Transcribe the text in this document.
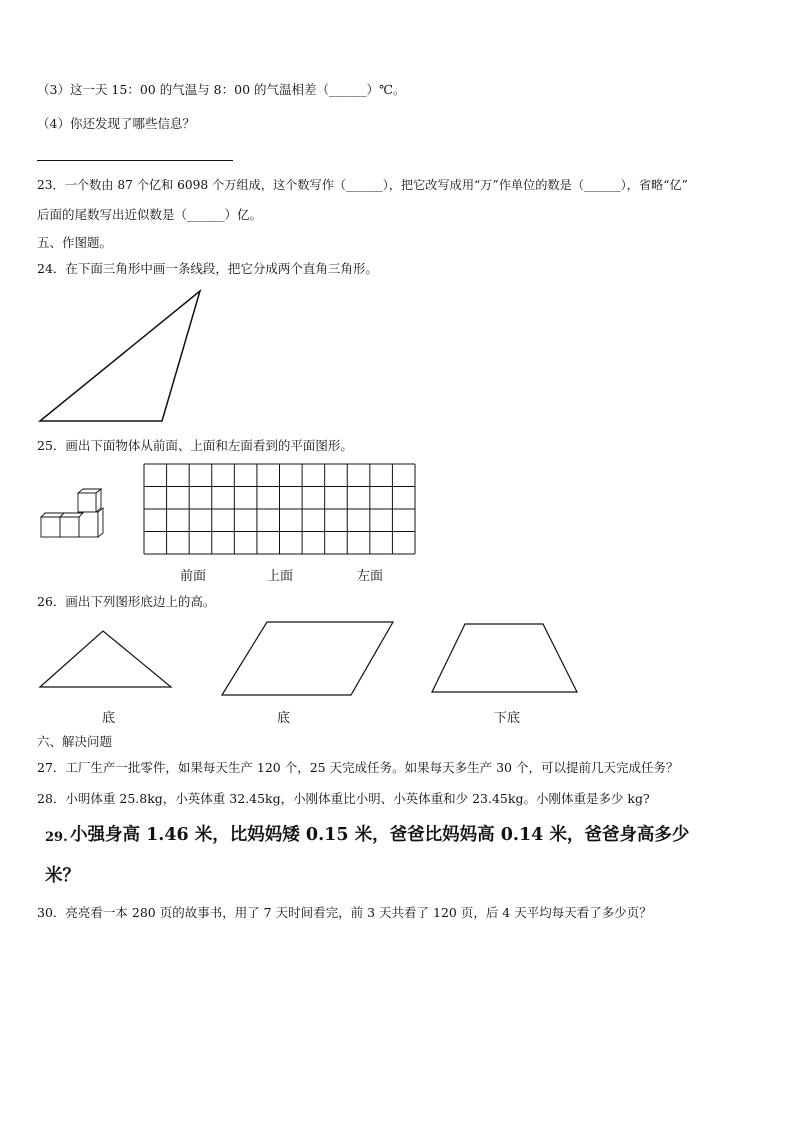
（3）这一天 15：00 的气温与 8：00 的气温相差（______）℃。
（4）你还发现了哪些信息？
23．一个数由 87 个亿和 6098 个万组成，这个数写作（______），把它改写成用“万”作单位的数是（______），省略“亿”
后面的尾数写出近似数是（______）亿。
五、作图题。
24．在下面三角形中画一条线段，把它分成两个直角三角形。
25．画出下面物体从前面、上面和左面看到的平面图形。
前面	上面	左面
26．画出下列图形底边上的高。
底	底	下底
六、解决问题
27．工厂生产一批零件，如果每天生产 120 个，25 天完成任务。如果每天多生产 30 个，可以提前几天完成任务？
28．小明体重 25.8kg，小英体重 32.45kg，小刚体重比小明、小英体重和少 23.45kg。小刚体重是多少 kg?
29. 小强身高 1.46 米，比妈妈矮 0.15 米，爸爸比妈妈高 0.14 米，爸爸身高多少
米？
30．亮亮看一本 280 页的故事书，用了 7 天时间看完，前 3 天共看了 120 页，后 4 天平均每天看了多少页？
